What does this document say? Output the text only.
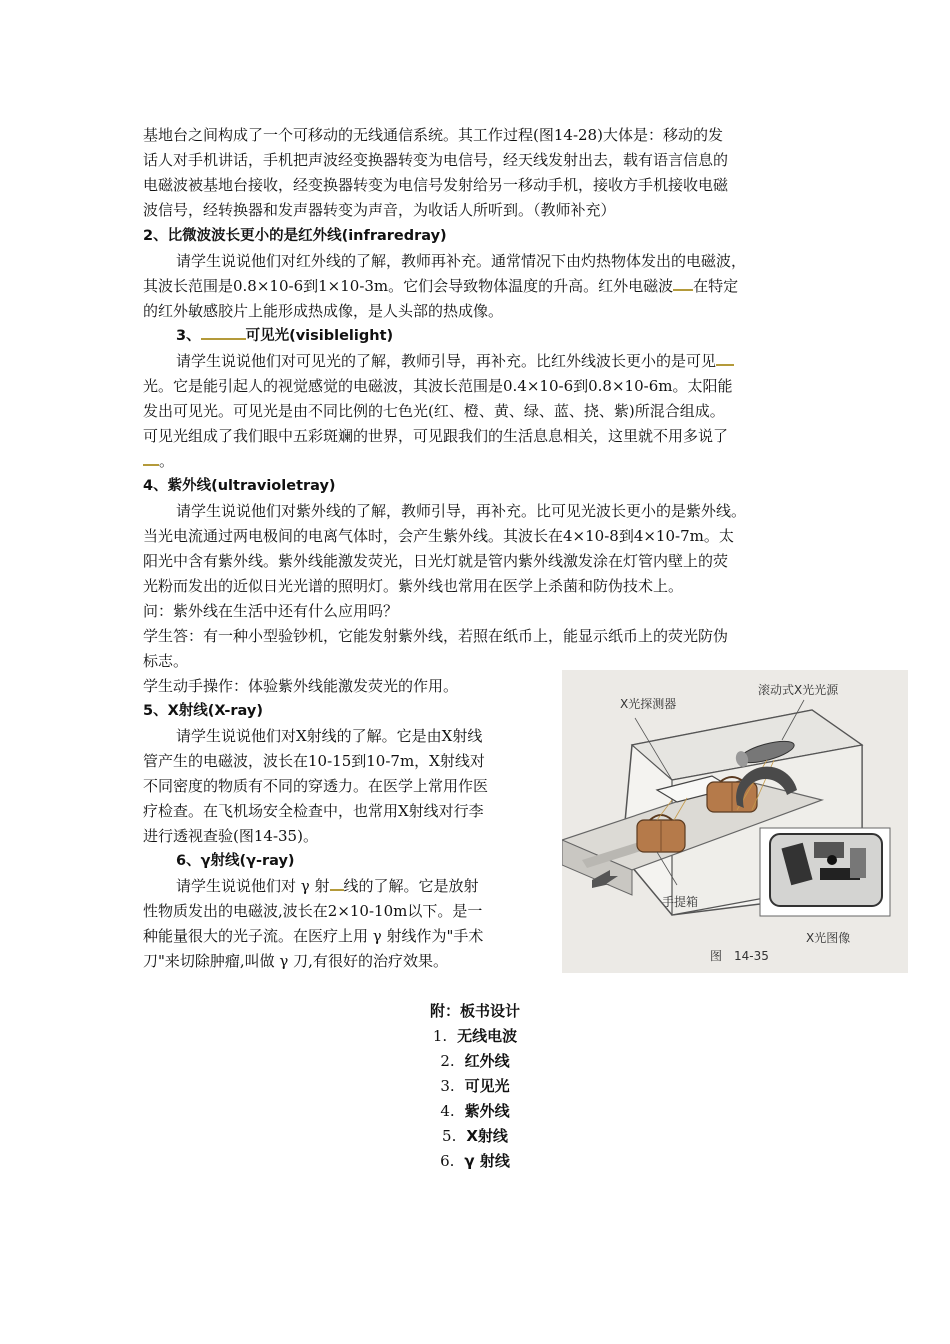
基地台之间构成了一个可移动的无线通信系统。其工作过程(图14-28)大体是：移动的发

话人对手机讲话，手机把声波经变换器转变为电信号，经天线发射出去，载有语言信息的

电磁波被基地台接收，经变换器转变为电信号发射给另一移动手机，接收方手机接收电磁

波信号，经转换器和发声器转变为声音，为收话人所听到。（教师补充）

2、比微波波长更小的是红外线(infraredray)

请学生说说他们对红外线的了解，教师再补充。通常情况下由灼热物体发出的电磁波，

其波长范围是0.8×10-6到1×10-3m。它们会导致物体温度的升高。红外电磁波 在特定

的红外敏感胶片上能形成热成像，是人头部的热成像。

3、	可见光(visiblelight)

请学生说说他们对可见光的了解，教师引导，再补充。比红外线波长更小的是可见

光。它是能引起人的视觉感觉的电磁波，其波长范围是0.4×10-6到0.8×10-6m。太阳能

发出可见光。可见光是由不同比例的七色光(红、橙、黄、绿、蓝、挠、紫)所混合组成。

可见光组成了我们眼中五彩斑斓的世界，可见跟我们的生活息息相关，这里就不用多说了

。

4、紫外线(ultravioletray)

请学生说说他们对紫外线的了解，教师引导，再补充。比可见光波长更小的是紫外线。

当光电流通过两电极间的电离气体时，会产生紫外线。其波长在4×10-8到4×10-7m。太

阳光中含有紫外线。紫外线能激发荧光，日光灯就是管内紫外线激发涂在灯管内壁上的荧

光粉而发出的近似日光光谱的照明灯。紫外线也常用在医学上杀菌和防伪技术上。

问：紫外线在生活中还有什么应用吗？

学生答：有一种小型验钞机，它能发射紫外线，若照在纸币上，能显示纸币上的荧光防伪

标志。

学生动手操作：体验紫外线能激发荧光的作用。

5、X射线(X-ray)

请学生说说他们对X射线的了解。它是由X射线

管产生的电磁波，波长在10-15到10-7m，X射线对

不同密度的物质有不同的穿透力。在医学上常用作医

疗检查。在飞机场安全检查中，也常用X射线对行李

进行透视查验(图14-35)。

6、γ射线(γ-ray)

请学生说说他们对 γ 射 线的了解。它是放射

性物质发出的电磁波,波长在2×10-10m以下。是一

种能量很大的光子流。在医疗上用 γ 射线作为"手术

刀"来切除肿瘤,叫做 γ 刀,有很好的治疗效果。

X光探测器
滚动式X光光源
手提箱
X光图像
图　14-35

附：板书设计

1. 无线电波

2. 红外线

3. 可见光

4. 紫外线

5. X射线

6. γ 射线
